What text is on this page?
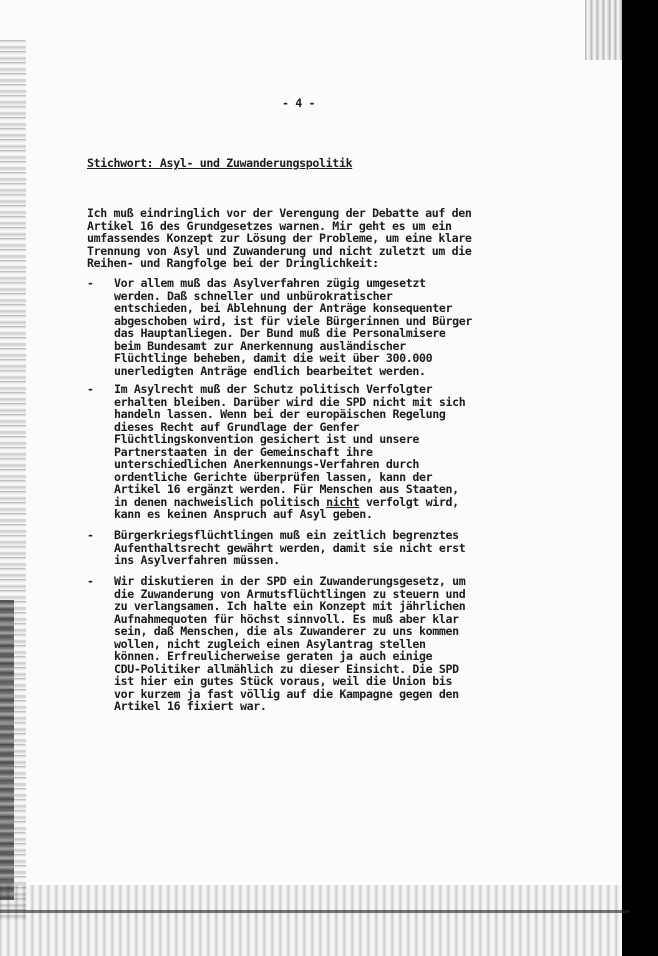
- 4 -
Stichwort: Asyl- und Zuwanderungspolitik
Ich muß eindringlich vor der Verengung der Debatte auf den
Artikel 16 des Grundgesetzes warnen. Mir geht es um ein
umfassendes Konzept zur Lösung der Probleme, um eine klare
Trennung von Asyl und Zuwanderung und nicht zuletzt um die
Reihen- und Rangfolge bei der Dringlichkeit:
- Vor allem muß das Asylverfahren zügig umgesetzt
werden. Daß schneller und unbürokratischer
entschieden, bei Ablehnung der Anträge konsequenter
abgeschoben wird, ist für viele Bürgerinnen und Bürger
das Hauptanliegen. Der Bund muß die Personalmisere
beim Bundesamt zur Anerkennung ausländischer
Flüchtlinge beheben, damit die weit über 300.000
unerledigten Anträge endlich bearbeitet werden.
- Im Asylrecht muß der Schutz politisch Verfolgter
erhalten bleiben. Darüber wird die SPD nicht mit sich
handeln lassen. Wenn bei der europäischen Regelung
dieses Recht auf Grundlage der Genfer
Flüchtlingskonvention gesichert ist und unsere
Partnerstaaten in der Gemeinschaft ihre
unterschiedlichen Anerkennungs-Verfahren durch
ordentliche Gerichte überprüfen lassen, kann der
Artikel 16 ergänzt werden. Für Menschen aus Staaten,
in denen nachweislich politisch nicht verfolgt wird,
kann es keinen Anspruch auf Asyl geben.
- Bürgerkriegsflüchtlingen muß ein zeitlich begrenztes
Aufenthaltsrecht gewährt werden, damit sie nicht erst
ins Asylverfahren müssen.
- Wir diskutieren in der SPD ein Zuwanderungsgesetz, um
die Zuwanderung von Armutsflüchtlingen zu steuern und
zu verlangsamen. Ich halte ein Konzept mit jährlichen
Aufnahmequoten für höchst sinnvoll. Es muß aber klar
sein, daß Menschen, die als Zuwanderer zu uns kommen
wollen, nicht zugleich einen Asylantrag stellen
können. Erfreulicherweise geraten ja auch einige
CDU-Politiker allmählich zu dieser Einsicht. Die SPD
ist hier ein gutes Stück voraus, weil die Union bis
vor kurzem ja fast völlig auf die Kampagne gegen den
Artikel 16 fixiert war.
